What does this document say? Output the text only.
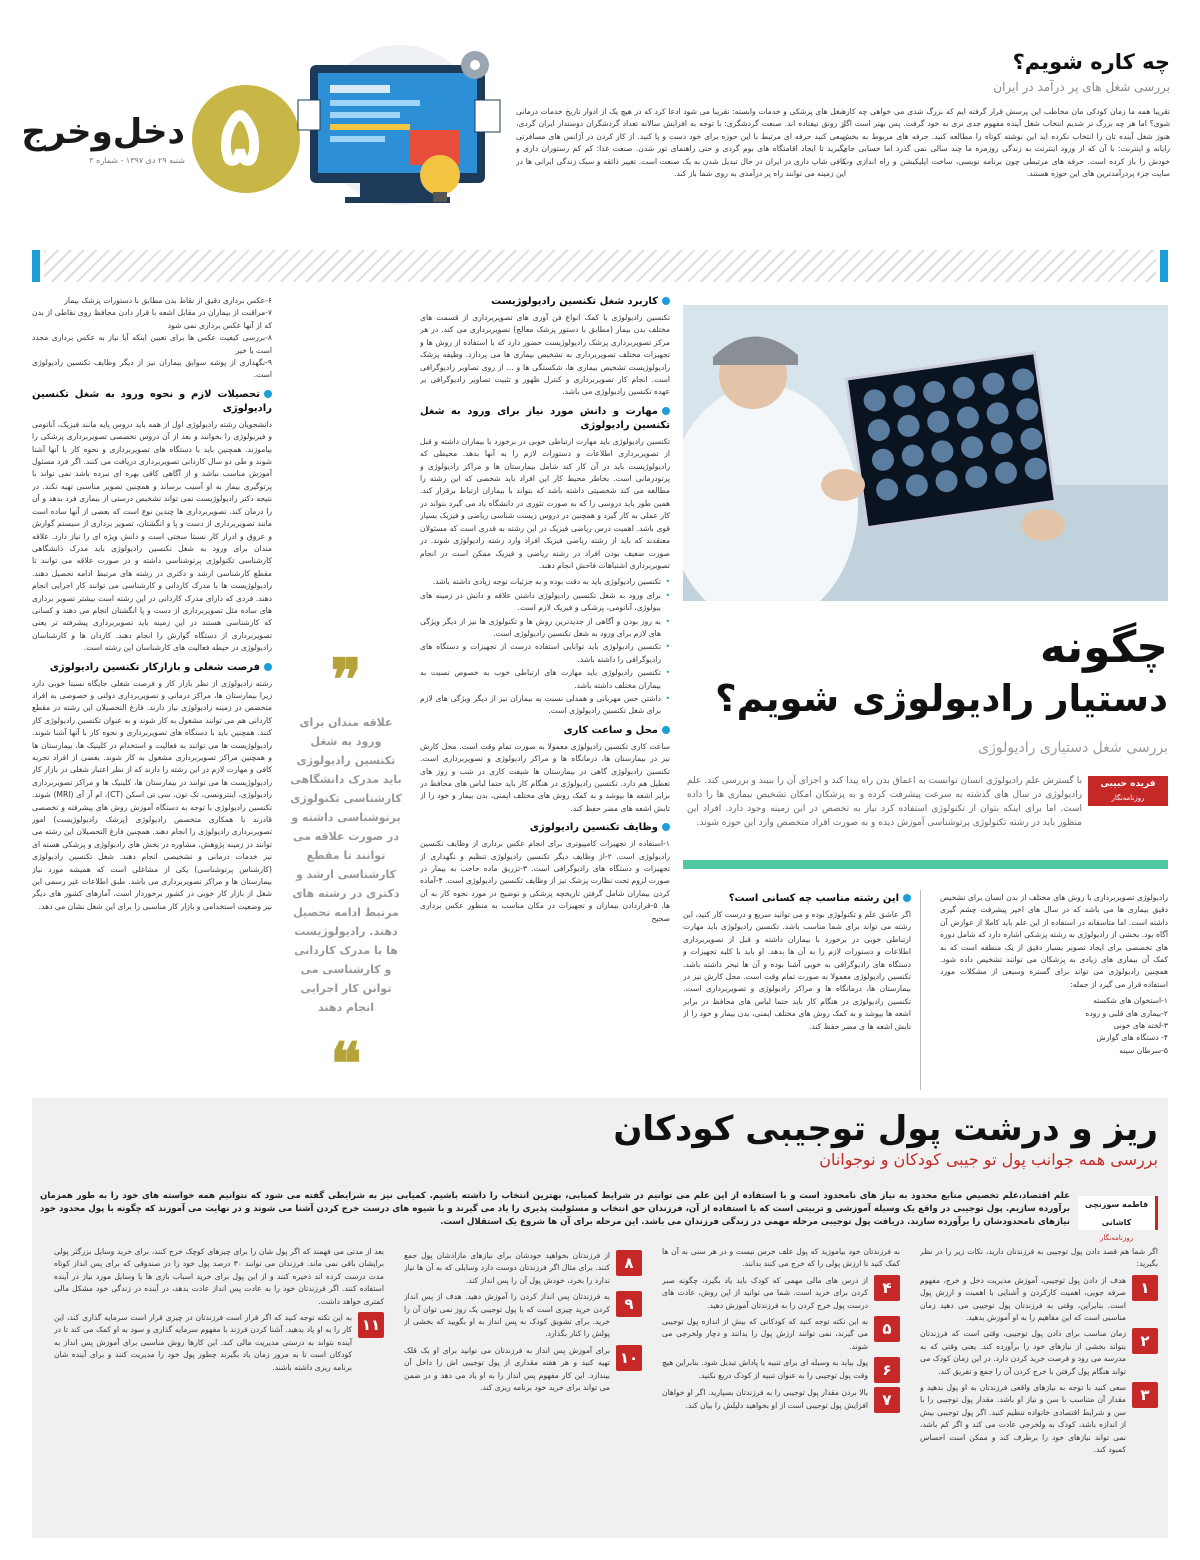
۵
دخل‌وخرج
شنبه ۲۹ دی ۱۳۹۷ - شماره ۳
چه کاره شویم؟
بررسی شغل های پر درآمد در ایران
تقریبا همه ما زمان کودکی مان مخاطب این پرسش قرار گرفته ایم که بزرگ شدی می خواهی چه کاره شوی؟ اما هر چه بزرگ تر شدیم انتخاب شغل آینده مفهوم جدی تری به خود گرفت. پس بهتر است اگر هنوز شغل آینده تان را انتخاب نکرده اید این نوشته کوتاه را مطالعه کنید. حرفه های مربوط به بخش رایانه و اینترنت: با آن که از ورود اینترنت به زندگی روزمره ما چند سالی نمی گذرد اما حسابی جای خودش را باز کرده است. حرفه های مرتبطی چون برنامه نویسی، ساخت اپلیکیشن و راه اندازی وب سایت جزء پردرآمدترین های این حوزه هستند.
شغل های پزشکی و خدمات وابسته: تقریبا می شود ادعا کرد که در هیچ یک از ادوار تاریخ خدمات درمانی از رونق نیفتاده اند. صنعت گردشگری: با توجه به افزایش سالانه تعداد گردشگران دوستدار ایران گردی، سعی کنید حرفه ای مرتبط با این حوزه برای خود دست و پا کنید. از کار کردن در آژانس های مسافرتی بگیرید تا ایجاد اقامتگاه های بوم گردی و حتی راهنمای تور شدن. صنعت غذا: کم کم رستوران داری و کافی شاپ داری در ایران در حال تبدیل شدن به یک صنعت است. تغییر ذائقه و سبک زندگی ایرانی ها در این زمینه می توانند راه پر درآمدی به روی شما باز کند.
چگونه
دستیار رادیولوژی شویم؟
بررسی شغل دستیاری رادیولوژی
فریده حبیبی
روزنامه‌نگار
با گسترش علم رادیولوژی انسان توانست به اعماق بدن راه پیدا کند و اجزای آن را ببیند و بررسی کند. علم رادیولوژی در سال های گذشته به سرعت پیشرفت کرده و به پزشکان امکان تشخیص بیماری ها را داده است. اما برای اینکه بتوان از تکنولوژی استفاده کرد نیاز به تخصص در این زمینه وجود دارد. افراد این منظور باید در رشته تکنولوژی پرتوشناسی آموزش دیده و به صورت افراد متخصص وارد این حوزه شوند.
رادیولوژی تصویربرداری با روش های مختلف از بدن انسان برای تشخیص دقیق بیماری ها می باشد که در سال های اخیر پیشرفت چشم گیری داشته است. اما متاسفانه در استفاده از این علم باید کاملا از عوارض آن آگاه بود. بخشی از رادیولوژی به رشته پزشکی اشاره دارد که شامل دوره های تخصصی برای ایجاد تصویر بسیار دقیق از یک منطقه است که به کمک آن بیماری های زیادی به پزشکان می توانند تشخیص داده شود. همچنین رادیولوژی می تواند برای گستره وسیعی از مشکلات مورد استفاده قرار می گیرد از جمله:
۱-استخوان های شکسته
۲-بیماری های قلبی و روده
۳-لخته های خونی
۴- دستگاه های گوارش
۵-سرطان سینه
این رشته مناسب چه کسانی است؟
اگر عاشق علم و تکنولوژی بوده و می توانید سریع و درست کار کنید، این رشته می تواند برای شما مناسب باشد. تکنسین رادیولوژی باید مهارت ارتباطی خوبی در برخورد با بیماران داشته و قبل از تصویربرداری اطلاعات و دستورات لازم را به آن ها بدهد. او باید با کلیه تجهیزات و دستگاه های رادیوگرافی به خوبی آشنا بوده و آن ها تبحر داشته باشد. تکنسین رادیولوژی معمولا به صورت تمام وقت است. محل کارش نیز در بیمارستان ها، درمانگاه ها و مراکز رادیولوژی و تصویربرداری است. تکنسین رادیولوژی در هنگام کار باید حتما لباس های محافظ در برابر اشعه ها بپوشد و به کمک روش های مختلف ایمنی، بدن بیمار و خود را از تابش اشعه ها ی مضر حفظ کند.
کاربرد شغل تکنسین رادیولوژیست
تکنسین رادیولوژی با کمک انواع فن آوری های تصویربرداری از قسمت های مختلف بدن بیمار (مطابق با دستور پزشک معالج) تصویربرداری می کند. در هر مرکز تصویربرداری پزشک رادیولوژیست حضور دارد که با استفاده از روش ها و تجهیزات مختلف تصویربرداری به تشخیص بیماری ها می پردازد. وظیفه پزشک رادیولوژیست تشخیص بیماری ها، شکستگی ها و ... از روی تصاویر رادیوگرافی است. انجام کار تصویربرداری و کنترل ظهور و تثبیت تصاویر رادیوگرافی بر عهده تکنسین رادیولوژی می باشد.
مهارت و دانش مورد نیاز برای ورود به شغل تکنسین رادیولوژی
تکنسین رادیولوژی باید مهارت ارتباطی خوبی در برخورد با بیماران داشته و قبل از تصویربرداری اطلاعات و دستورات لازم را به آنها بدهد. محیطی که رادیولوژیست باید در آن کار کند شامل بیمارستان ها و مراکز رادیولوژی و پرتودرمانی است. بخاطر محیط کار این افراد باید شخصی که این رشته را مطالعه می کند شخصیتی داشته باشد که بتواند با بیماران ارتباط برقرار کند. همین طور باید دروسی را که به صورت تئوری در دانشگاه یاد می گیرد بتواند در کار عملی به کار گیرد و همچنین در دروس زیست شناسی ریاضی و فیزیک بسیار قوی باشد. اهمیت درس ریاضی فیزیک در این رشته به قدری است که مسئولان معتقدند که باید از رشته ریاضی فیزیک افراد وارد رشته رادیولوژی شوند. در صورت ضعیف بودن افراد در رشته ریاضی و فیزیک ممکن است در انجام تصویربرداری اشتباهات فاحش انجام دهند.
• تکنسین رادیولوژی باید به دقت بوده و به جزئیات توجه زیادی داشته باشد.
• برای ورود به شغل تکنسین رادیولوژی داشتن علاقه و دانش در زمینه های بیولوژی، آناتومی، پزشکی و فیزیک لازم است.
• به روز بودن و آگاهی از جدیدترین روش ها و تکنولوژی ها نیز از دیگر ویژگی های لازم برای ورود به شغل تکنسین رادیولوژی است.
• تکنسین رادیولوژی باید توانایی استفاده درست از تجهیزات و دستگاه های رادیوگرافی را داشته باشد.
• تکنسین رادیولوژی باید مهارت های ارتباطی خوب به خصوص نسبت به بیماران مختلف داشته باشد.
• داشتن حس مهربانی و همدلی نسبت به بیماران نیز از دیگر ویژگی های لازم برای شغل تکنسین رادیولوژی است.
محل و ساعت کاری
ساعت کاری تکنسین رادیولوژی معمولا به صورت تمام وقت است. محل کارش نیز در بیمارستان ها، درمانگاه ها و مراکز رادیولوژی و تصویربرداری است. تکنسین رادیولوژی گاهی در بیمارستان ها شیفت کاری در شب و روز های تعطیل هم دارد. تکنسین رادیولوژی در هنگام کار باید حتما لباس های محافظ در برابر اشعه ها بپوشد و به کمک روش های مختلف ایمنی، بدن بیمار و خود را از تابش اشعه های مضر حفظ کند.
وظایف تکنسین رادیولوژی
۱-استفاده از تجهیزات کامپیوتری برای انجام عکس برداری از وظایف تکنسین رادیولوژی است. ۲-از وظایف دیگر تکنسین رادیولوژی تنظیم و نگهداری از تجهیزات و دستگاه های رادیوگرافی است. ۳-تزریق ماده حاجب به بیمار در صورت لزوم تحت نظارت پزشک نیز از وظایف تکنسین رادیولوژی است. ۴-آماده کردن بیماران شامل گرفتن تاریخچه پزشکی و توضیح در مورد نحوه کار به آن ها. ۵-قراردادن بیماران و تجهیزات در مکان مناسب به منظور عکس برداری صحیح
❞
علاقه مندان برای ورود به شغل تکنسین رادیولوژی باید مدرک دانشگاهی کارشناسی تکنولوژی پرتوشناسی داشته و در صورت علاقه می توانند تا مقطع کارشناسی ارشد و دکتری در رشته های مرتبط ادامه تحصیل دهند. رادیولوژیست ها با مدرک کاردانی و کارشناسی می توانن کار اجرایی انجام دهند
❝
۶-عکس برداری دقیق از نقاط بدن مطابق با دستورات پزشک بیمار
۷-مراقبت از بیماران در مقابل اشعه با قرار دادن محافظ روی نقاطی از بدن که از آنها عکس برداری نمی شود
۸-بررسی کیفیت عکس ها برای تعیین اینکه آیا نیاز به عکس برداری مجدد است یا خیر
۹-نگهداری از پوشه سوابق بیماران نیز از دیگر وظایف تکنسین رادیولوژی است.
تحصیلات لازم و نحوه ورود به شغل تکنسین رادیولوژی
دانشجویان رشته رادیولوژی اول از همه باید دروس پایه مانند فیزیک، آناتومی و فیزیولوژی را بخوانند و بعد از آن دروس تخصصی تصویربرداری پزشکی را بیاموزند. همچنین باید با دستگاه های تصویربرداری و نحوه کار با آنها آشنا شوند و طی دو سال کاردانی تصویربرداری دریافت می کنند. اگر فرد مسئول آموزش مناسب نباشد و از آگاهی کافی بهره ای نبرده باشد نمی تواند با پرتوگیری بیمار به او آسیب برساند و همچنین تصویر مناسبی تهیه نکند. در نتیجه دکتر رادیولوژیست نمی تواند تشخیص درستی از بیماری فرد بدهد و آن را درمان کند. تصویربرداری ها چندین نوع است که بعضی از آنها ساده است مانند تصویربرداری از دست و پا و انگشتان، تصویر برداری از سیستم گوارش و عروق و ادرار کار نسبتا سختی است و دانش ویژه ای را نیاز دارد. علاقه مندان برای ورود به شغل تکنسین رادیولوژی باید مدرک دانشگاهی کارشناسی تکنولوژی پرتوشناسی داشته و در صورت علاقه می توانند تا مقطع کارشناسی ارشد و دکتری در رشته های مرتبط ادامه تحصیل دهند. رادیولوژیست ها با مدرک کاردانی و کارشناسی می توانند کار اجرایی انجام دهند. فردی که دارای مدرک کاردانی در این رشته است بیشتر تصویر برداری های ساده مثل تصویربرداری از دست و پا انگشتان انجام می دهند و کسانی که کارشناسی هستند در این زمینه باید تصویربرداری پیشرفته تر یعنی تصویربرداری از دستگاه گوارش را انجام دهند. کاردان ها و کارشناسان رادیولوژی در حیطه فعالیت های کارشناسان این رشته است.
فرصت شغلی و بازارکار تکنسین رادیولوژی
رشته رادیولوژی از نظر بازار کار و فرصت شغلی جایگاه نسبتا خوبی دارد زیرا بیمارستان ها، مراکز درمانی و تصویربرداری دولتی و خصوصی به افراد متخصص در زمینه رادیولوژی نیاز دارند. فارغ التحصیلان این رشته در مقطع کاردانی هم می توانند مشغول به کار شوند و به عنوان تکنسین رادیولوژی کار کنند. همچنین باید با دستگاه های تصویربرداری و نحوه کار با آنها آشنا شوند. رادیولوژیست ها می توانند به فعالیت و استخدام در کلینیک ها، بیمارستان ها و همچنین مراکز تصویربرداری مشغول به کار شوند. بعضی از افراد تجربه کافی و مهارت لازم در این رشته را دارند که از نظر اعتبار شغلی در بازار کار رادیولوژیست ها می توانند در بیمارستان ها، کلینیک ها و مراکز تصویربرداری رادیولوژی، اینترونسی، تک تون، سی تی اسکن (CT)، ام آر آی (MRI) شوند. تکنسین رادیولوژی با توجه به دستگاه آموزش روش های پیشرفته و تخصصی قادرند با همکاری متخصص رادیولوژی (پزشک رادیولوژیست) امور تصویربرداری رادیولوژی را انجام دهند. همچنین فارغ التحصیلان این رشته می توانند در زمینه پژوهش، مشاوره در بخش های رادیولوژی و پزشکی هسته ای نیز خدمات درمانی و تشخیصی انجام دهند. شغل تکنسین رادیولوژی (کارشناس پرتوشناسی) یکی از مشاغلی است که همیشه مورد نیاز بیمارستان ها و مراکز تصویربرداری می باشد. طبق اطلاعات غیر رسمی این شغل از بازار کار خوبی در کشور برخوردار است. آمارهای کشور های دیگر نیز وضعیت استخدامی و بازار کار مناسبی را برای این شغل نشان می دهد.
ریز و درشت پول توجیبی کودکان
بررسی همه جوانب پول تو جیبی کودکان و نوجوانان
فاطمه سوزنچی کاشانی
روزنامه‌نگار
علم اقتصاد،علم تخصیص منابع محدود به نیاز های نامحدود است و با استفاده از این علم می توانیم در شرایط کمیابی، بهترین انتخاب را داشته باشیم. کمیابی نیز به شرایطی گفته می شود که نتوانیم همه خواسته های خود را به طور همزمان برآورده سازیم. پول توجیبی در واقع یک وسیله آموزشی و تربیتی است که با استفاده از آن، فرزندان حق انتخاب و مسئولیت پذیری را یاد می گیرند و با شیوه های درست خرج کردن آشنا می شوند و در نهایت می آموزند که چگونه با پول محدود خود نیازهای نامحدودشان را برآورده سازند. دریافت پول توجیبی مرحله مهمی در زندگی فرزندان می باشد. این مرحله برای آن ها شروع یک استقلال است.
اگر شما هم قصد دادن پول توجیبی به فرزندتان دارید، نکات زیر را در نظر بگیرید:
۱
هدف از دادن پول توجیبی، آموزش مدیریت دخل و خرج، مفهوم صرفه جویی، اهمیت کارکردن و آشنایی با اهمیت و ارزش پول است. بنابراین، وقتی به فرزندتان پول توجیبی می دهید زمان مناسبی است که این مفاهیم را به او آموزش بدهید.
۲
زمان مناسب برای دادن پول توجیبی، وقتی است که فرزندتان بتواند بخشی از نیازهای خود را برآورده کند. یعنی وقتی که به مدرسه می رود و فرصت خرید کردن دارد. در این زمان کودک می تواند هنگام پول گرفتن با خرج کردن آن را جمع و تفریق کند.
۳
سعی کنید با توجه به نیازهای واقعی فرزندتان به او پول بدهید و مقدار آن متناسب با سن و نیاز او باشد. مقدار پول توجیبی را با سن و شرایط اقتصادی خانواده تنظیم کنید. اگر پول توجیبی بیش از اندازه باشد، کودک به ولخرجی عادت می کند و اگر کم باشد، نمی تواند نیازهای خود را برطرف کند و ممکن است احساس کمبود کند.
به فرزندتان خود بیاموزید که پول علف خرس نیست و در هر سنی به آن ها کمک کنید تا ارزش پولی را که خرج می کنند بدانند.
۴
از درس های مالی مهمی که کودک باید یاد بگیرد، چگونه صبر کردن برای خرید است. شما می توانید از این روش، عادت های درست پول خرج کردن را به فرزندتان آموزش دهید.
۵
به این نکته توجه کنید که کودکانی که بیش از اندازه پول توجیبی می گیرند، نمی توانند ارزش پول را بدانند و دچار ولخرجی می شوند.
۶
پول بیاید به وسیله ای برای تنبیه یا پاداش تبدیل شود. بنابراین هیچ وقت پول توجیبی را به عنوان تنبیه از کودک دریغ نکنید.
۷
بالا بردن مقدار پول توجیبی را به فرزندتان بسپارید. اگر او خواهان افزایش پول توجیبی است از او بخواهید دلیلش را بیان کند.
۸
از فرزندتان بخواهید خودشان برای نیازهای مازادشان پول جمع کنند. برای مثال اگر فرزندتان دوست دارد وسایلی که به آن ها نیاز ندارد را بخرد، خودش پول آن را پس انداز کند.
۹
به فرزندتان پس انداز کردن را آموزش دهید. هدف از پس انداز کردن خرید چیزی است که با پول توجیبی یک روز نمی توان آن را خرید. برای تشویق کودک به پس انداز به او بگویید که بخشی از پولش را کنار بگذارد.
۱۰
برای آموزش پس انداز به فرزندتان می توانید برای او یک قلک تهیه کنید و هر هفته مقداری از پول توجیبی اش را داخل آن بیندازد. این کار مفهوم پس انداز را به او یاد می دهد و در ضمن می تواند برای خرید خود برنامه ریزی کند.
بعد از مدتی می فهمند که اگر پول شان را برای چیزهای کوچک خرج کنند، برای خرید وسایل بزرگتر پولی برایشان باقی نمی ماند. فرزندان می توانند ۳۰ درصد پول خود را در صندوقی که برای پس انداز کوتاه مدت درست کرده اند ذخیره کنند و از این پول برای خرید اسباب بازی ها یا وسایل مورد نیاز در آینده استفاده کنند. اگر فرزندتان خود را به عادت پس انداز عادت بدهد، در آینده در زندگی خود مشکل مالی کمتری خواهد داشت.
۱۱
به این نکته توجه کنید که اگر قرار است فرزندتان در چیزی قرار است سرمایه گذاری کند، این کار را به او یاد بدهید. آشنا کردن فرزند با مفهوم سرمایه گذاری و سود به او کمک می کند تا در آینده بتواند به درستی مدیریت مالی کند. این کارها روش مناسبی برای آموزش پس انداز به کودکان است تا به مرور زمان یاد بگیرند چطور پول خود را مدیریت کنند و برای آینده شان برنامه ریزی داشته باشند.
